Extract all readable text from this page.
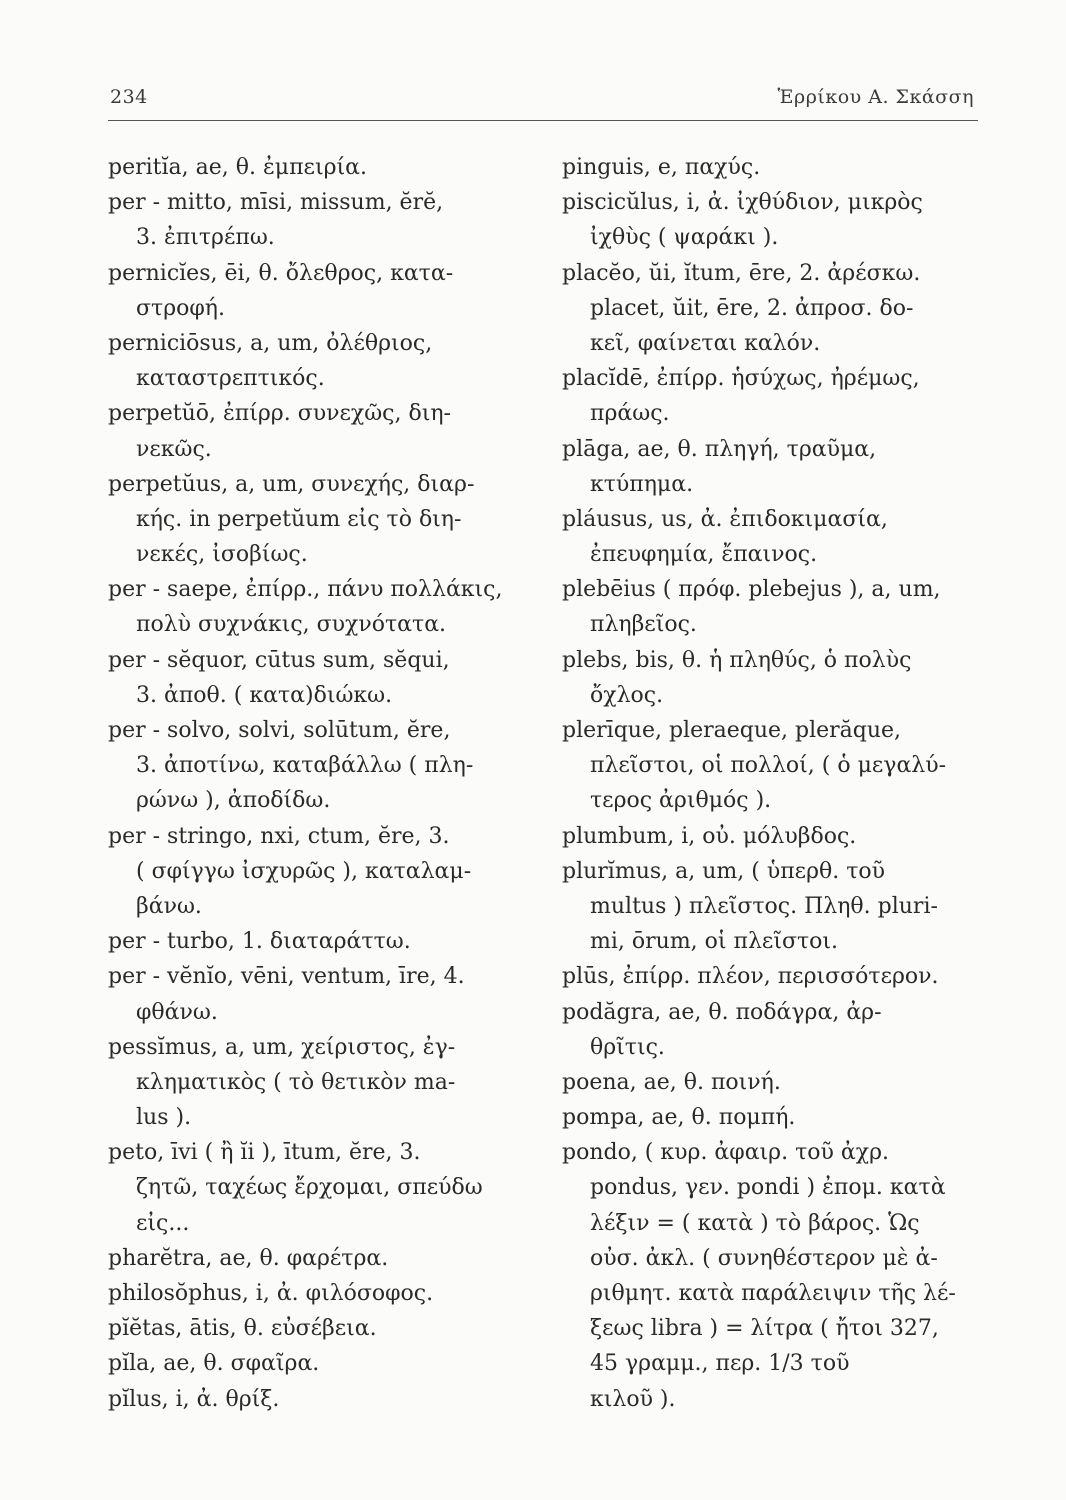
234	Ἑρρίκου Α. Σκάσση
peritĭa, ae, θ. ἐμπειρία.
per - mitto, mīsi, missum, ĕrĕ,
3. ἐπιτρέπω.
pernicĭes, ēi, θ. ὄλεθρος, κατα-
στροφή.
perniciōsus, a, um, ὀλέθριος,
καταστρεπτικός.
perpetŭō, ἐπίρρ. συνεχῶς, διη-
νεκῶς.
perpetŭus, a, um, συνεχής, διαρ-
κής. in perpetŭum εἰς τὸ διη-
νεκές, ἰσοβίως.
per - saepe, ἐπίρρ., πάνυ πολλάκις,
πολὺ συχνάκις, συχνότατα.
per - sĕquor, cūtus sum, sĕqui,
3. ἀποθ. ( κατα)διώκω.
per - solvo, solvi, solūtum, ĕre,
3. ἀποτίνω, καταβάλλω ( πλη-
ρώνω ), ἀποδίδω.
per - stringo, nxi, ctum, ĕre, 3.
( σφίγγω ἰσχυρῶς ), καταλαμ-
βάνω.
per - turbo, 1. διαταράττω.
per - vĕnĭo, vēni, ventum, īre, 4.
φθάνω.
pessĭmus, a, um, χείριστος, ἐγ-
κληματικὸς ( τὸ θετικὸν ma-
lus ).
peto, īvi ( ἢ ĭi ), ītum, ĕre, 3.
ζητῶ, ταχέως ἔρχομαι, σπεύδω
εἰς...
pharĕtra, ae, θ. φαρέτρα.
philosŏphus, i, ἀ. φιλόσοφος.
pĭĕtas, ātis, θ. εὐσέβεια.
pĭla, ae, θ. σφαῖρα.
pĭlus, i, ἀ. θρίξ.
pinguis, e, παχύς.
piscicŭlus, i, ἀ. ἰχθύδιον, μικρὸς
ἰχθὺς ( ψαράκι ).
placĕo, ŭi, ĭtum, ēre, 2. ἀρέσκω.
placet, ŭit, ēre, 2. ἀπροσ. δο-
κεῖ, φαίνεται καλόν.
placĭdē, ἐπίρρ. ἡσύχως, ἠρέμως,
πράως.
plāga, ae, θ. πληγή, τραῦμα,
κτύπημα.
pláusus, us, ἀ. ἐπιδοκιμασία,
ἐπευφημία, ἔπαινος.
plebēius ( πρόφ. plebejus ), a, um,
πληβεῖος.
plebs, bis, θ. ἡ πληθύς, ὁ πολὺς
ὄχλος.
plerīque, pleraeque, plerăque,
πλεῖστοι, οἱ πολλοί, ( ὁ μεγαλύ-
τερος ἀριθμός ).
plumbum, i, οὐ. μόλυβδος.
plurĭmus, a, um, ( ὑπερθ. τοῦ
multus ) πλεῖστος. Πληθ. pluri-
mi, ōrum, οἱ πλεῖστοι.
plūs, ἐπίρρ. πλέον, περισσότερον.
podăgra, ae, θ. ποδάγρα, ἀρ-
θρῖτις.
poena, ae, θ. ποινή.
pompa, ae, θ. πομπή.
pondo, ( κυρ. ἀφαιρ. τοῦ ἀχρ.
pondus, γεν. pondi ) ἐπομ. κατὰ
λέξιν = ( κατὰ ) τὸ βάρος. Ὡς
οὐσ. ἀκλ. ( συνηθέστερον μὲ ἀ-
ριθμητ. κατὰ παράλειψιν τῆς λέ-
ξεως libra ) = λίτρα ( ἤτοι 327,
45 γραμμ., περ. 1/3 τοῦ
κιλοῦ ).
